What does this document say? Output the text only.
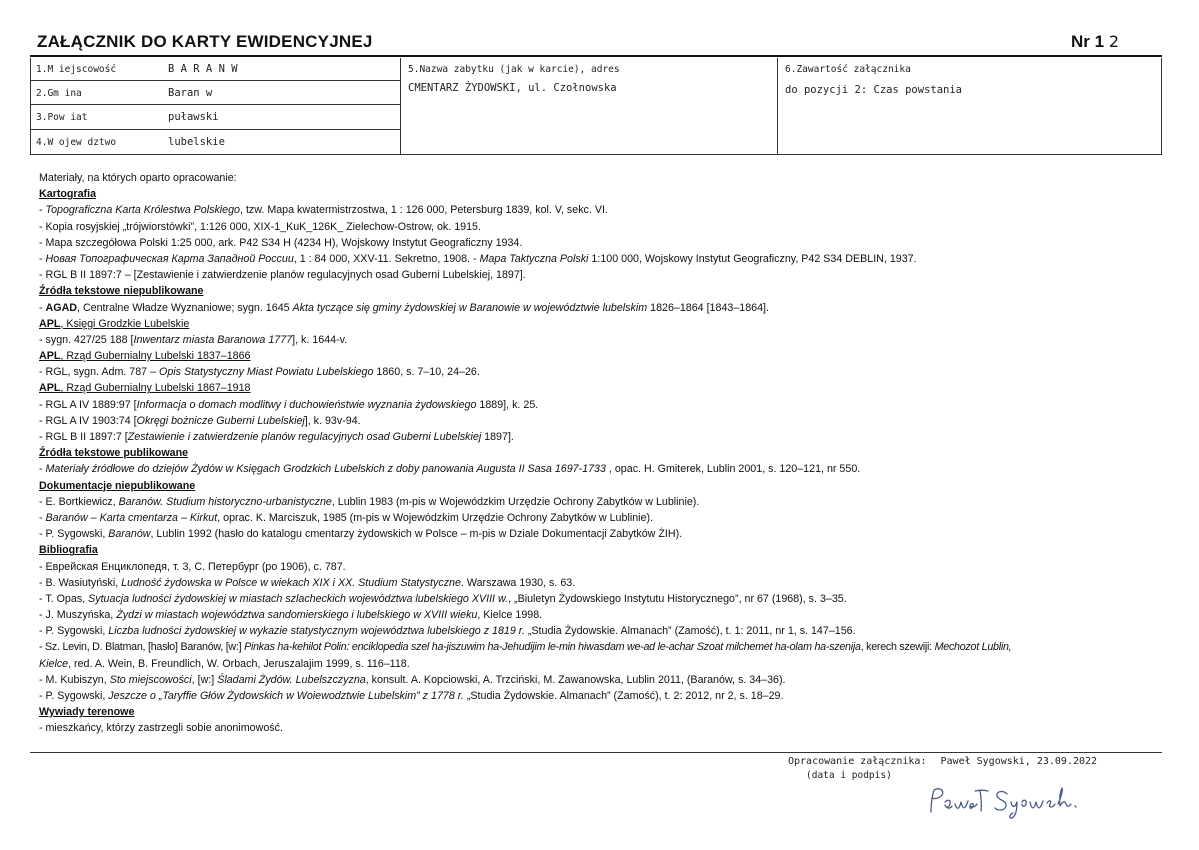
ZAŁĄCZNIK DO KARTY EWIDENCYJNEJ	Nr 1 2
1.M iejscowość	B A R A N W
2.Gm ina	Baran w
3.Pow iat	puławski
4.W ojew dztwo	lubelskie
5.Nazwa zabytku (jak w karcie), adres
CMENTARZ ŻYDOWSKI, ul. Czołnowska
6.Zawartość załącznika
do pozycji 2: Czas powstania
Materiały, na których oparto opracowanie:
Kartografia
- Topograficzna Karta Królestwa Polskiego, tzw. Mapa kwatermistrzostwa, 1 : 126 000, Petersburg 1839, kol. V, sekc. VI.
- Kopia rosyjskiej „trójwiorstówki”, 1:126 000, XIX-1_KuK_126K_ Zielechow-Ostrow, ok. 1915.
- Mapa szczegółowa Polski 1:25 000, ark. P42 S34 H (4234 H), Wojskowy Instytut Geograficzny 1934.
- Новая Топографическая Карта Западной Россuи, 1 : 84 000, XXV-11. Sekretno, 1908. - Mapa Taktyczna Polski 1:100 000, Wojskowy Instytut Geograficzny, P42 S34 DEBLIN, 1937.
- RGL B II 1897:7 – [Zestawienie i zatwierdzenie planów regulacyjnych osad Guberni Lubelskiej, 1897].
Źródła tekstowe niepublikowane
- AGAD, Centralne Władze Wyznaniowe; sygn. 1645 Akta tyczące się gminy żydowskiej w Baranowie w województwie lubelskim 1826–1864 [1843–1864].
APL, Księgi Grodzkie Lubelskie
- sygn. 427/25 188 [Inwentarz miasta Baranowa 1777], k. 1644-v.
APL, Rząd Gubernialny Lubelski 1837–1866
- RGL, sygn. Adm. 787 – Opis Statystyczny Miast Powiatu Lubelskiego 1860, s. 7–10, 24–26.
APL, Rząd Gubernialny Lubelski 1867–1918
- RGL A IV 1889:97 [Informacja o domach modlitwy i duchowieństwie wyznania żydowskiego 1889], k. 25.
- RGL A IV 1903:74 [Okręgi bożnicze Guberni Lubelskiej], k. 93v-94.
- RGL B II 1897:7 [Zestawienie i zatwierdzenie planów regulacyjnych osad Guberni Lubelskiej 1897].
Źródła tekstowe publikowane
- Materiały źródłowe do dziejów Żydów w Księgach Grodzkich Lubelskich z doby panowania Augusta II Sasa 1697-1733 , opac. H. Gmiterek, Lublin 2001, s. 120–121, nr 550.
Dokumentacje niepublikowane
- E. Bortkiewicz, Baranów. Studium historyczno-urbanistyczne, Lublin 1983 (m-pis w Wojewódzkim Urzędzie Ochrony Zabytków w Lublinie).
- Baranów – Karta cmentarza – Kirkut, oprac. K. Marciszuk, 1985 (m-pis w Wojewódzkim Urzędzie Ochrony Zabytków w Lublinie).
- P. Sygowski, Baranów, Lublin 1992 (hasło do katalogu cmentarzy żydowskich w Polsce – m-pis w Dziale Dokumentacji Zabytków ŻIH).
Bibliografia
- Еврейская Енциклопедя, т. 3, С. Петербург (po 1906), с. 787.
- B. Wasiutyński, Ludność żydowska w Polsce w wiekach XIX i XX. Studium Statystyczne. Warszawa 1930, s. 63.
- T. Opas, Sytuacja ludności żydowskiej w miastach szlacheckich województwa lubelskiego XVIII w., „Biuletyn Żydowskiego Instytutu Historycznego”, nr 67 (1968), s. 3–35.
- J. Muszyńska, Żydzi w miastach województwa sandomierskiego i lubelskiego w XVIII wieku, Kielce 1998.
- P. Sygowski, Liczba ludności żydowskiej w wykazie statystycznym województwa lubelskiego z 1819 r. „Studia Żydowskie. Almanach” (Zamość), t. 1: 2011, nr 1, s. 147–156.
- Sz. Levin, D. Blatman, [hasło] Baranów, [w:] Pinkas ha-kehilot Polin: enciklopedia szel ha-jiszuwim ha-Jehudijim le-min hiwasdam we-ad le-achar Szoat milchemet ha-olam ha-szenija, kerech szewiji: Mechozot Lublin,
Kielce, red. A. Wein, B. Freundlich, W. Orbach, Jeruszalajim 1999, s. 116–118.
- M. Kubiszyn, Sto miejscowości, [w:] Śladami Żydów. Lubelszczyzna, konsult. A. Kopciowski, A. Trzciński, M. Zawanowska, Lublin 2011, (Baranów, s. 34–36).
- P. Sygowski, Jeszcze o „Taryffie Głów Żydowskich w Woiewodztwie Lubelskim” z 1778 r. „Studia Żydowskie. Almanach” (Zamość), t. 2: 2012, nr 2, s. 18–29.
Wywiady terenowe
- mieszkańcy, którzy zastrzegli sobie anonimowość.
Opracowanie załącznika: Paweł Sygowski, 23.09.2022
(data i podpis)
